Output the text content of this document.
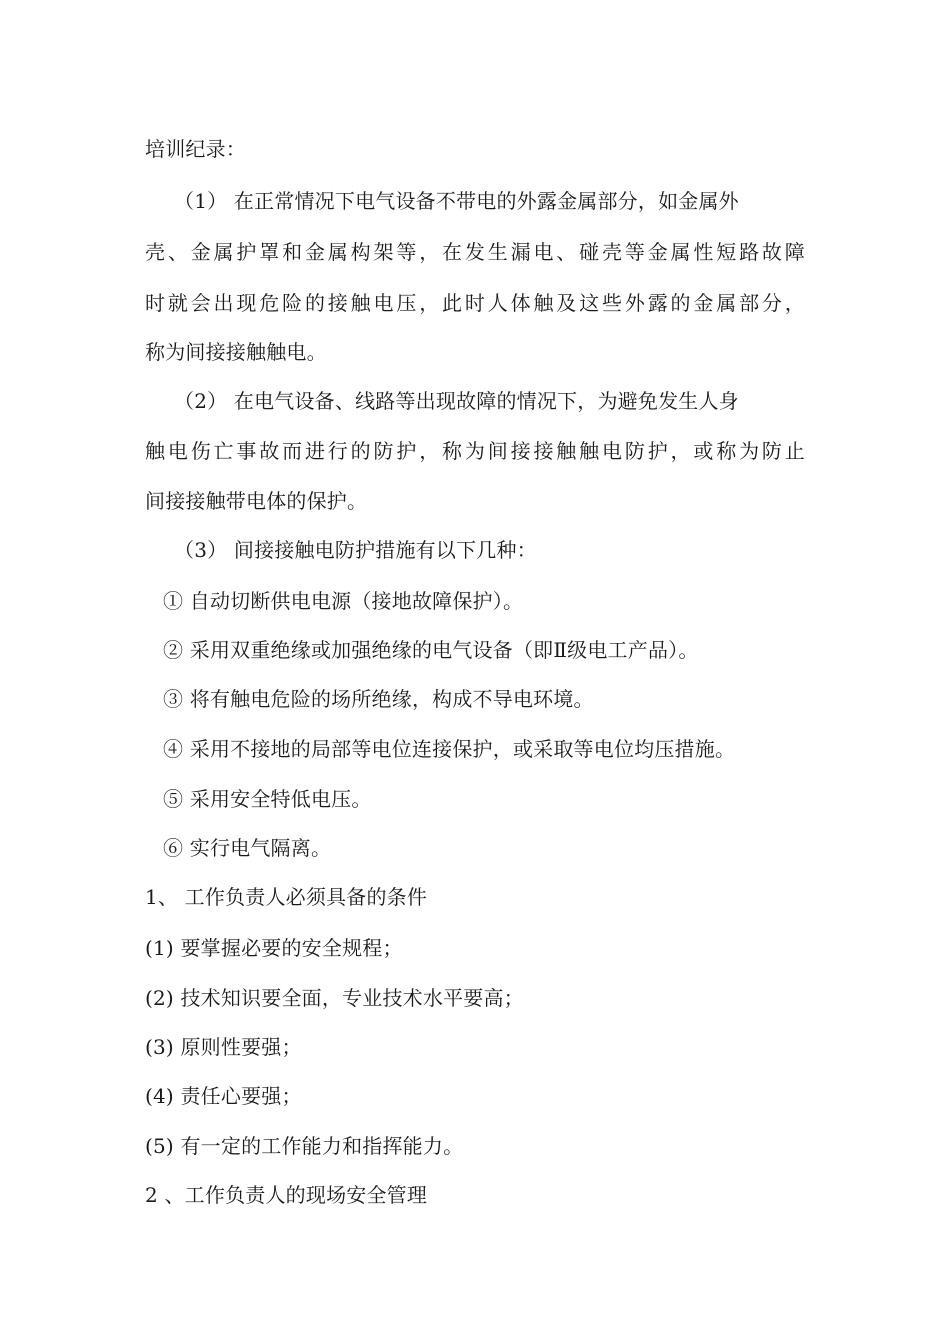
培训纪录：
（1） 在正常情况下电气设备不带电的外露金属部分，如金属外
壳、金属护罩和金属构架等，在发生漏电、碰壳等金属性短路故障
时就会出现危险的接触电压，此时人体触及这些外露的金属部分，
称为间接接触触电。
（2） 在电气设备、线路等出现故障的情况下，为避免发生人身
触电伤亡事故而进行的防护，称为间接接触触电防护，或称为防止
间接接触带电体的保护。
（3） 间接接触电防护措施有以下几种：
① 自动切断供电电源（接地故障保护）。
② 采用双重绝缘或加强绝缘的电气设备（即Ⅱ级电工产品）。
③ 将有触电危险的场所绝缘，构成不导电环境。
④ 采用不接地的局部等电位连接保护，或采取等电位均压措施。
⑤ 采用安全特低电压。
⑥ 实行电气隔离。
1、 工作负责人必须具备的条件
(1) 要掌握必要的安全规程；
(2) 技术知识要全面，专业技术水平要高；
(3) 原则性要强；
(4) 责任心要强；
(5) 有一定的工作能力和指挥能力。
2 、工作负责人的现场安全管理
